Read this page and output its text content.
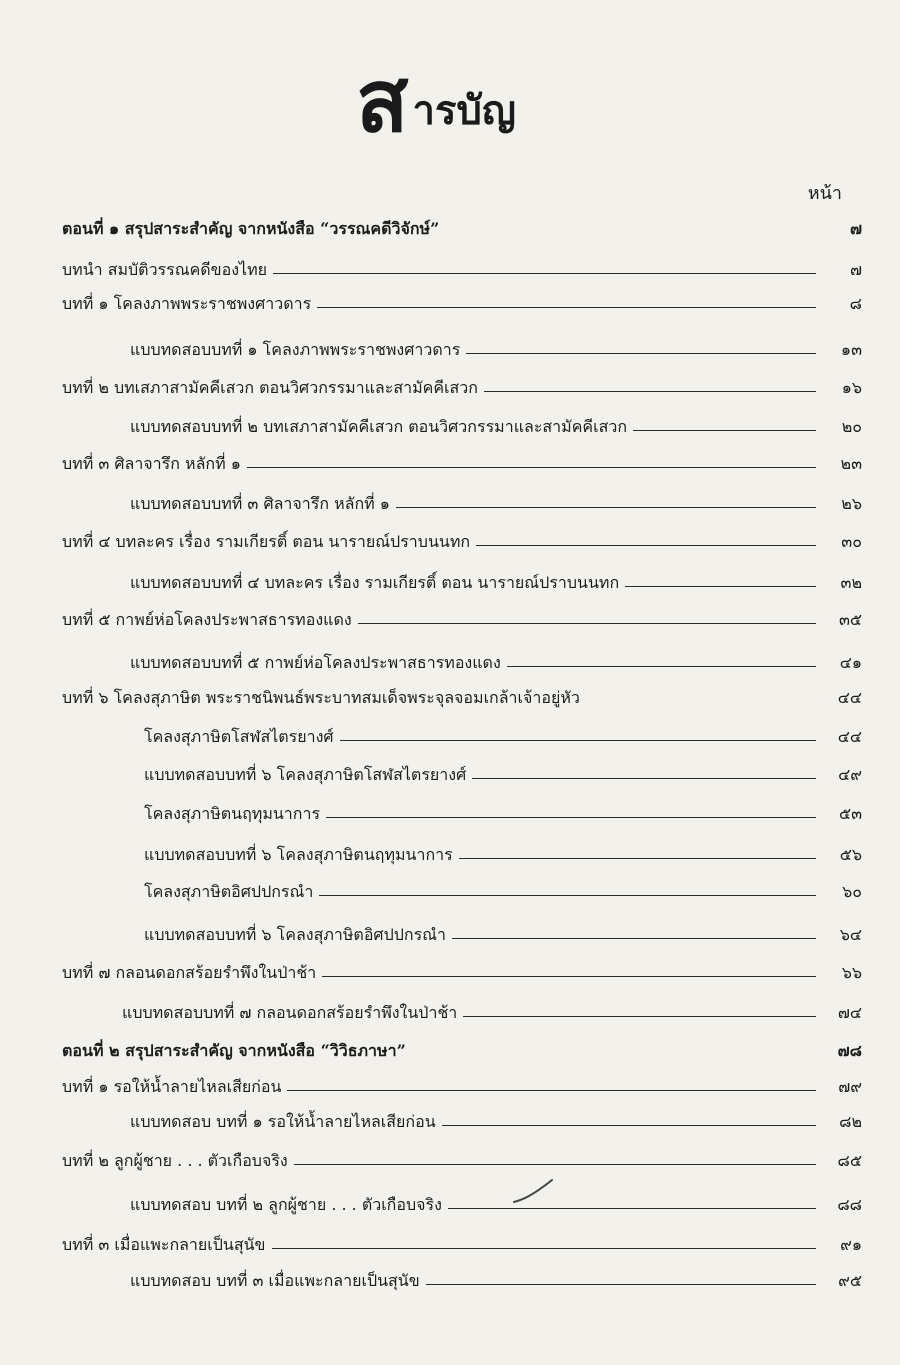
ส ารบัญ
หน้า
ตอนที่ ๑ สรุปสาระสำคัญ จากหนังสือ “วรรณคดีวิจักษ์”	๗
บทนำ สมบัติวรรณคดีของไทย	๗
บทที่ ๑ โคลงภาพพระราชพงศาวดาร	๘
แบบทดสอบบทที่ ๑ โคลงภาพพระราชพงศาวดาร	๑๓
บทที่ ๒ บทเสภาสามัคคีเสวก ตอนวิศวกรรมาและสามัคคีเสวก	๑๖
แบบทดสอบบทที่ ๒ บทเสภาสามัคคีเสวก ตอนวิศวกรรมาและสามัคคีเสวก	๒๐
บทที่ ๓ ศิลาจารึก หลักที่ ๑	๒๓
แบบทดสอบบทที่ ๓ ศิลาจารึก หลักที่ ๑	๒๖
บทที่ ๔ บทละคร เรื่อง รามเกียรติ์ ตอน นารายณ์ปราบนนทก	๓๐
แบบทดสอบบทที่ ๔ บทละคร เรื่อง รามเกียรติ์ ตอน นารายณ์ปราบนนทก	๓๒
บทที่ ๕ กาพย์ห่อโคลงประพาสธารทองแดง	๓๕
แบบทดสอบบทที่ ๕ กาพย์ห่อโคลงประพาสธารทองแดง	๔๑
บทที่ ๖ โคลงสุภาษิต พระราชนิพนธ์พระบาทสมเด็จพระจุลจอมเกล้าเจ้าอยู่หัว	๔๔
โคลงสุภาษิตโสฬสไตรยางศ์	๔๔
แบบทดสอบบทที่ ๖ โคลงสุภาษิตโสฬสไตรยางศ์	๔๙
โคลงสุภาษิตนฤทุมนาการ	๕๓
แบบทดสอบบทที่ ๖ โคลงสุภาษิตนฤทุมนาการ	๕๖
โคลงสุภาษิตอิศปปกรณำ	๖๐
แบบทดสอบบทที่ ๖ โคลงสุภาษิตอิศปปกรณำ	๖๔
บทที่ ๗ กลอนดอกสร้อยรำพึงในป่าช้า	๖๖
แบบทดสอบบทที่ ๗ กลอนดอกสร้อยรำพึงในป่าช้า	๗๔
ตอนที่ ๒ สรุปสาระสำคัญ จากหนังสือ “วิวิธภาษา”	๗๘
บทที่ ๑ รอให้น้ำลายไหลเสียก่อน	๗๙
แบบทดสอบ บทที่ ๑ รอให้น้ำลายไหลเสียก่อน	๘๒
บทที่ ๒ ลูกผู้ชาย . . . ตัวเกือบจริง	๘๕
แบบทดสอบ บทที่ ๒ ลูกผู้ชาย . . . ตัวเกือบจริง	๘๘
บทที่ ๓ เมื่อแพะกลายเป็นสุนัข	๙๑
แบบทดสอบ บทที่ ๓ เมื่อแพะกลายเป็นสุนัข	๙๕
